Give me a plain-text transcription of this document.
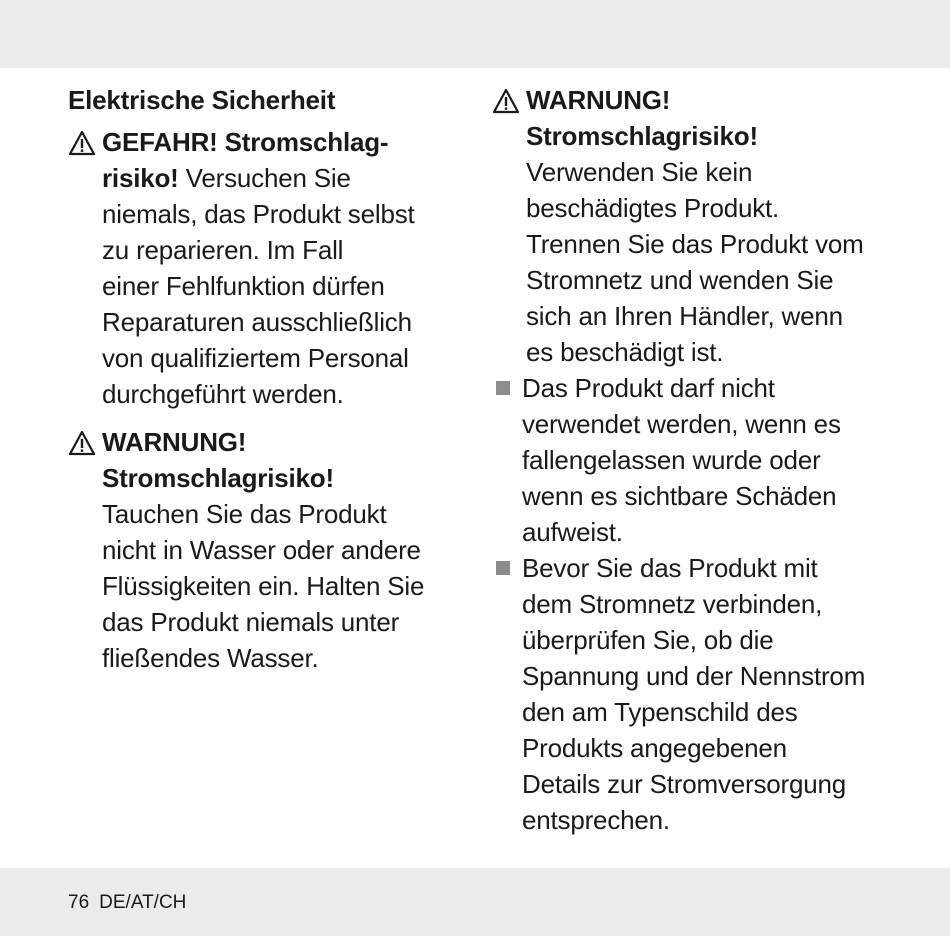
Elektrische Sicherheit
GEFAHR! Stromschlag-
risiko! Versuchen Sie
niemals, das Produkt selbst
zu reparieren. Im Fall
einer Fehlfunktion dürfen
Reparaturen ausschließlich
von qualifiziertem Personal
durchgeführt werden.
WARNUNG!
Stromschlagrisiko!
Tauchen Sie das Produkt
nicht in Wasser oder andere
Flüssigkeiten ein. Halten Sie
das Produkt niemals unter
fließendes Wasser.
WARNUNG!
Stromschlagrisiko!
Verwenden Sie kein
beschädigtes Produkt.
Trennen Sie das Produkt vom
Stromnetz und wenden Sie
sich an Ihren Händler, wenn
es beschädigt ist.
Das Produkt darf nicht
verwendet werden, wenn es
fallengelassen wurde oder
wenn es sichtbare Schäden
aufweist.
Bevor Sie das Produkt mit
dem Stromnetz verbinden,
überprüfen Sie, ob die
Spannung und der Nennstrom
den am Typenschild des
Produkts angegebenen
Details zur Stromversorgung
entsprechen.
76 DE/AT/CH
